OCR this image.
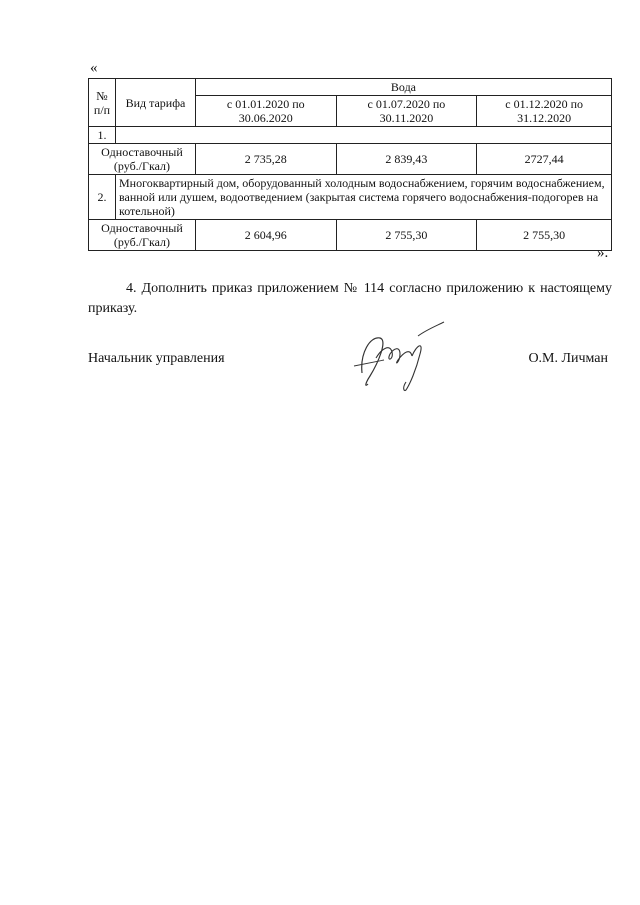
«
№ п/п	Вид тарифа	Вода		
		с 01.01.2020 по 30.06.2020	с 01.07.2020 по 30.11.2020	с 01.12.2020 по 31.12.2020
1.				
Одноставочный (руб./Гкал)		2 735,28	2 839,43	2727,44
2.	Многоквартирный дом, оборудованный холодным водоснабжением, горячим водоснабжением, ванной или душем, водоотведением (закрытая система горячего водоснабжения-подогорев на котельной)			
Одноставочный (руб./Гкал)		2 604,96	2 755,30	2 755,30
».

4. Дополнить приказ приложением № 114 согласно приложению к настоящему приказу.

Начальник управления	О.М. Личман
